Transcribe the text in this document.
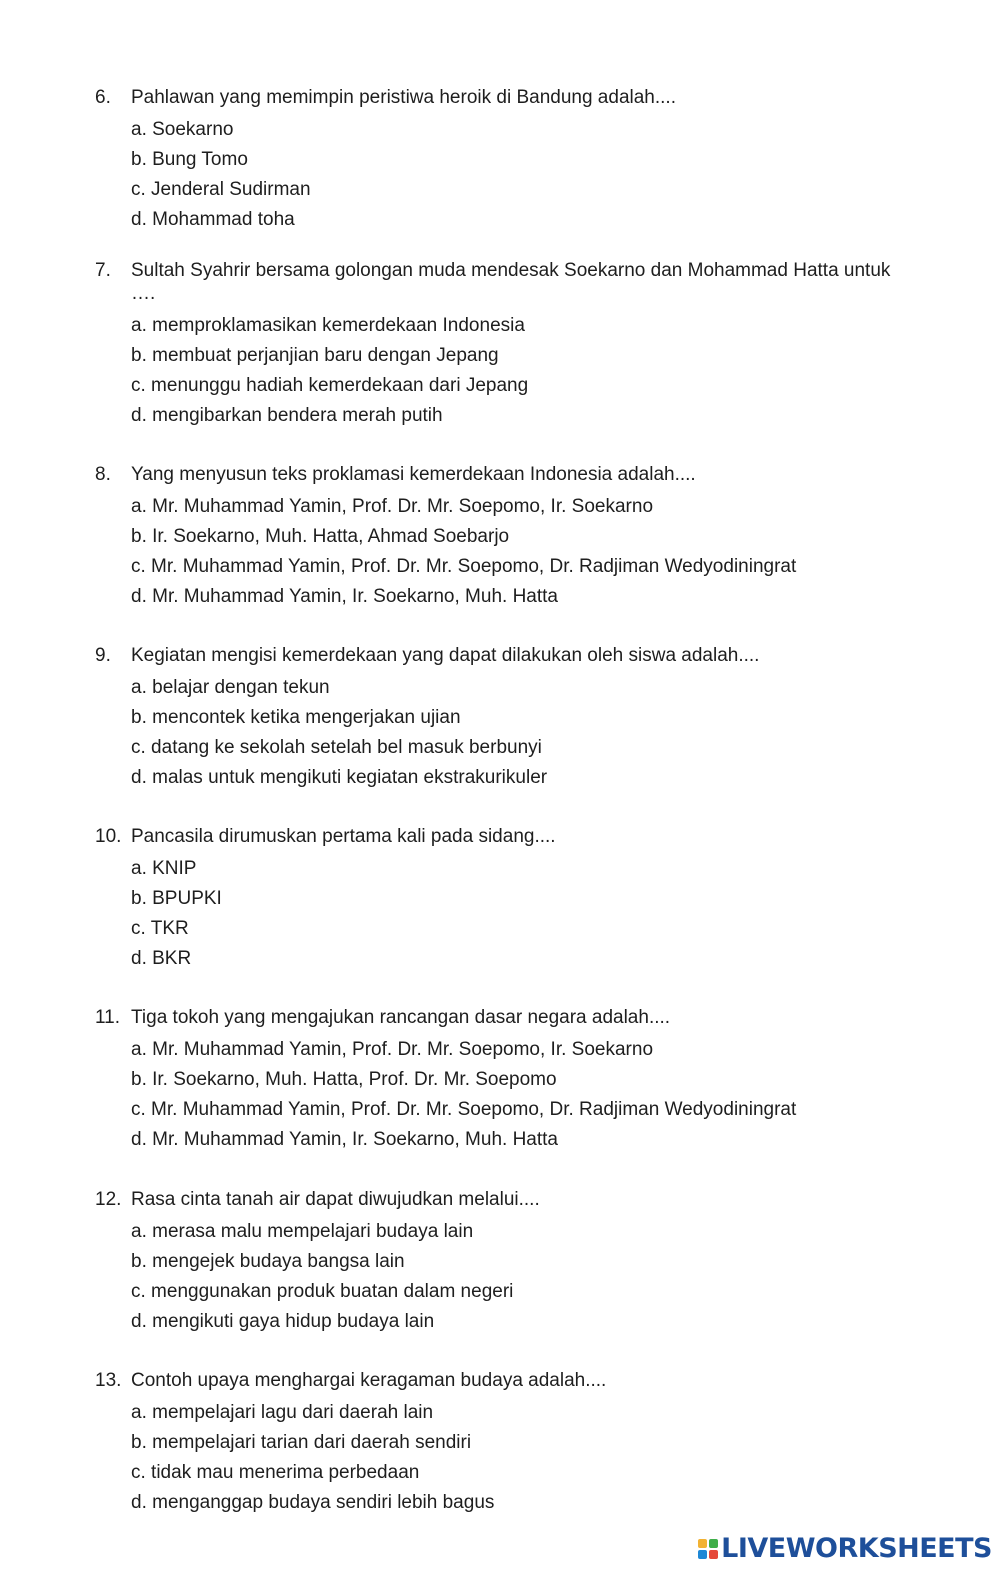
6.	Pahlawan yang memimpin peristiwa heroik di Bandung adalah....
a. Soekarno
b. Bung Tomo
c. Jenderal Sudirman
d. Mohammad toha
7.	Sultah Syahrir bersama golongan muda mendesak Soekarno dan Mohammad Hatta untuk ….
a. memproklamasikan kemerdekaan Indonesia
b. membuat perjanjian baru dengan Jepang
c. menunggu hadiah kemerdekaan dari Jepang
d. mengibarkan bendera merah putih
8.	Yang menyusun teks proklamasi kemerdekaan Indonesia adalah....
a. Mr. Muhammad Yamin, Prof. Dr. Mr. Soepomo, Ir. Soekarno
b. Ir. Soekarno, Muh. Hatta, Ahmad Soebarjo
c. Mr. Muhammad Yamin, Prof. Dr. Mr. Soepomo, Dr. Radjiman Wedyodiningrat
d. Mr. Muhammad Yamin, Ir. Soekarno, Muh. Hatta
9.	Kegiatan mengisi kemerdekaan yang dapat dilakukan oleh siswa adalah....
a. belajar dengan tekun
b. mencontek ketika mengerjakan ujian
c. datang ke sekolah setelah bel masuk berbunyi
d. malas untuk mengikuti kegiatan ekstrakurikuler
10. Pancasila dirumuskan pertama kali pada sidang....
a. KNIP
b. BPUPKI
c. TKR
d. BKR
11. Tiga tokoh yang mengajukan rancangan dasar negara adalah....
a. Mr. Muhammad Yamin, Prof. Dr. Mr. Soepomo, Ir. Soekarno
b. Ir. Soekarno, Muh. Hatta, Prof. Dr. Mr. Soepomo
c. Mr. Muhammad Yamin, Prof. Dr. Mr. Soepomo, Dr. Radjiman Wedyodiningrat
d. Mr. Muhammad Yamin, Ir. Soekarno, Muh. Hatta
12. Rasa cinta tanah air dapat diwujudkan melalui....
a. merasa malu mempelajari budaya lain
b. mengejek budaya bangsa lain
c. menggunakan produk buatan dalam negeri
d. mengikuti gaya hidup budaya lain
13. Contoh upaya menghargai keragaman budaya adalah....
a. mempelajari lagu dari daerah lain
b. mempelajari tarian dari daerah sendiri
c. tidak mau menerima perbedaan
d. menganggap budaya sendiri lebih bagus
LIVEWORKSHEETS
